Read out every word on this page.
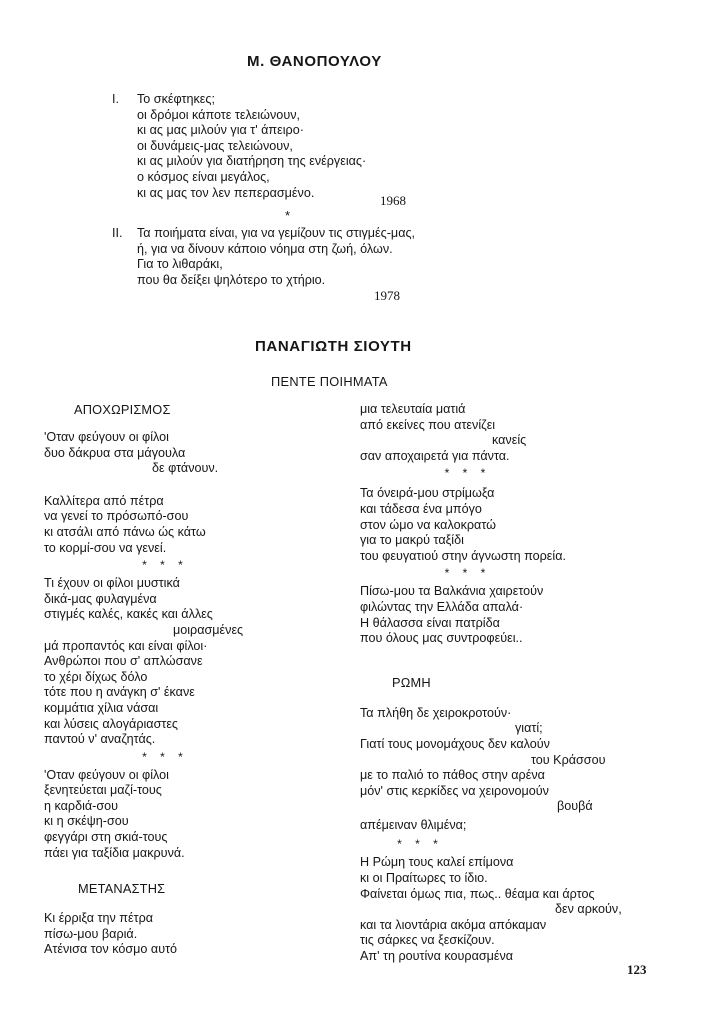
Μ. ΘΑΝΟΠΟΥΛΟΥ
I. Το σκέφτηκες;
οι δρόμοι κάποτε τελειώνουν,
κι ας μας μιλούν για τ' άπειρο·
οι δυνάμεις-μας τελειώνουν,
κι ας μιλούν για διατήρηση της ενέργειας·
ο κόσμος είναι μεγάλος,
κι ας μας τον λεν πεπερασμένο.
1968
*
II. Τα ποιήματα είναι, για να γεμίζουν τις στιγμές-μας,
ή, για να δίνουν κάποιο νόημα στη ζωή, όλων.
Για το λιθαράκι,
που θα δείξει ψηλότερο το χτήριο.
1978
ΠΑΝΑΓΙΩΤΗ ΣΙΟΥΤΗ
ΠΕΝΤΕ ΠΟΙΗΜΑΤΑ
ΑΠΟΧΩΡΙΣΜΟΣ
'Οταν φεύγουν οι φίλοι
δυο δάκρυα στα μάγουλα
δε φτάνουν.
Καλλίτερα από πέτρα
να γενεί το πρόσωπό-σου
κι ατσάλι από πάνω ώς κάτω
το κορμί-σου να γενεί.
* * *
Τι έχουν οι φίλοι μυστικά
δικά-μας φυλαγμένα
στιγμές καλές, κακές και άλλες
μοιρασμένες
μά προπαντός και είναι φίλοι·
Ανθρώποι που σ' απλώσανε
το χέρι δίχως δόλο
τότε που η ανάγκη σ' έκανε
κομμάτια χίλια νάσαι
και λύσεις αλογάριαστες
παντού ν' αναζητάς.
* * *
'Οταν φεύγουν οι φίλοι
ξενητεύεται μαζί-τους
η καρδιά-σου
κι η σκέψη-σου
φεγγάρι στη σκιά-τους
πάει για ταξίδια μακρυνά.
ΜΕΤΑΝΑΣΤΗΣ
Κι έρριξα την πέτρα
πίσω-μου βαριά.
Ατένισα τον κόσμο αυτό
μια τελευταία ματιά
από εκείνες που ατενίζει
κανείς
σαν αποχαιρετά για πάντα.
* * *
Τα όνειρά-μου στρίμωξα
και τάδεσα ένα μπόγο
στον ώμο να καλοκρατώ
για το μακρύ ταξίδι
του φευγατιού στην άγνωστη πορεία.
* * *
Πίσω-μου τα Βαλκάνια χαιρετούν
φιλώντας την Ελλάδα απαλά·
Η θάλασσα είναι πατρίδα
που όλους μας συντροφεύει..
ΡΩΜΗ
Τα πλήθη δε χειροκροτούν·
γιατί;
Γιατί τους μονομάχους δεν καλούν
του Κράσσου
με το παλιό το πάθος στην αρένα
μόν' στις κερκίδες να χειρονομούν
βουβά
απέμειναν θλιμένα;
* * *
Η Ρώμη τους καλεί επίμονα
κι οι Πραίτωρες το ίδιο.
Φαίνεται όμως πια, πως.. θέαμα και άρτος
δεν αρκούν,
και τα λιοντάρια ακόμα απόκαμαν
τις σάρκες να ξεσκίζουν.
Απ' τη ρουτίνα κουρασμένα
123
